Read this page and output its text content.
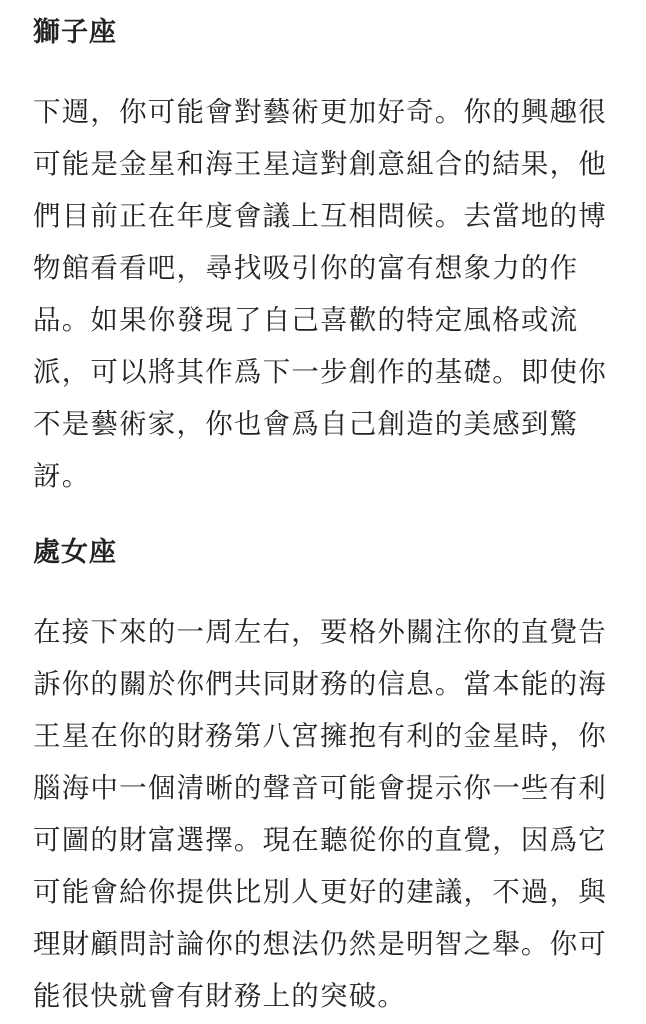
獅子座
下週，你可能會對藝術更加好奇。你的興趣很
可能是金星和海王星這對創意組合的結果，他
們目前正在年度會議上互相問候。去當地的博
物館看看吧，尋找吸引你的富有想象力的作
品。如果你發現了自己喜歡的特定風格或流
派，可以將其作爲下一步創作的基礎。即使你
不是藝術家，你也會爲自己創造的美感到驚
訝。
處女座
在接下來的一周左右，要格外關注你的直覺告
訴你的關於你們共同財務的信息。當本能的海
王星在你的財務第八宮擁抱有利的金星時，你
腦海中一個清晰的聲音可能會提示你一些有利
可圖的財富選擇。現在聽從你的直覺，因爲它
可能會給你提供比別人更好的建議，不過，與
理財顧問討論你的想法仍然是明智之舉。你可
能很快就會有財務上的突破。
